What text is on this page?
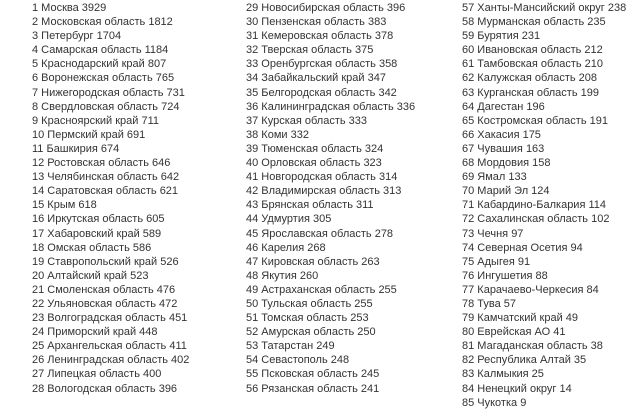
1 Москва 3929
2 Московская область 1812
3 Петербург 1704
4 Самарская область 1184
5 Краснодарский край 807
6 Воронежская область 765
7 Нижегородская область 731
8 Свердловская область 724
9 Красноярский край 711
10 Пермский край 691
11 Башкирия 674
12 Ростовская область 646
13 Челябинская область 642
14 Саратовская область 621
15 Крым 618
16 Иркутская область 605
17 Хабаровский край 589
18 Омская область 586
19 Ставропольский край 526
20 Алтайский край 523
21 Смоленская область 476
22 Ульяновская область 472
23 Волгоградская область 451
24 Приморский край 448
25 Архангельская область 411
26 Ленинградская область 402
27 Липецкая область 400
28 Вологодская область 396
29 Новосибирская область 396
30 Пензенская область 383
31 Кемеровская область 378
32 Тверская область 375
33 Оренбургская область 358
34 Забайкальский край 347
35 Белгородская область 342
36 Калининградская область 336
37 Курская область 333
38 Коми 332
39 Тюменская область 324
40 Орловская область 323
41 Новгородская область 314
42 Владимирская область 313
43 Брянская область 311
44 Удмуртия 305
45 Ярославская область 278
46 Карелия 268
47 Кировская область 263
48 Якутия 260
49 Астраханская область 255
50 Тульская область 255
51 Томская область 253
52 Амурская область 250
53 Татарстан 249
54 Севастополь 248
55 Псковская область 245
56 Рязанская область 241
57 Ханты-Мансийский округ 238
58 Мурманская область 235
59 Бурятия 231
60 Ивановская область 212
61 Тамбовская область 210
62 Калужская область 208
63 Курганская область 199
64 Дагестан 196
65 Костромская область 191
66 Хакасия 175
67 Чувашия 163
68 Мордовия 158
69 Ямал 133
70 Марий Эл 124
71 Кабардино-Балкария 114
72 Сахалинская область 102
73 Чечня 97
74 Северная Осетия 94
75 Адыгея 91
76 Ингушетия 88
77 Карачаево-Черкесия 84
78 Тува 57
79 Камчатский край 49
80 Еврейская АО 41
81 Магаданская область 38
82 Республика Алтай 35
83 Калмыкия 25
84 Ненецкий округ 14
85 Чукотка 9
